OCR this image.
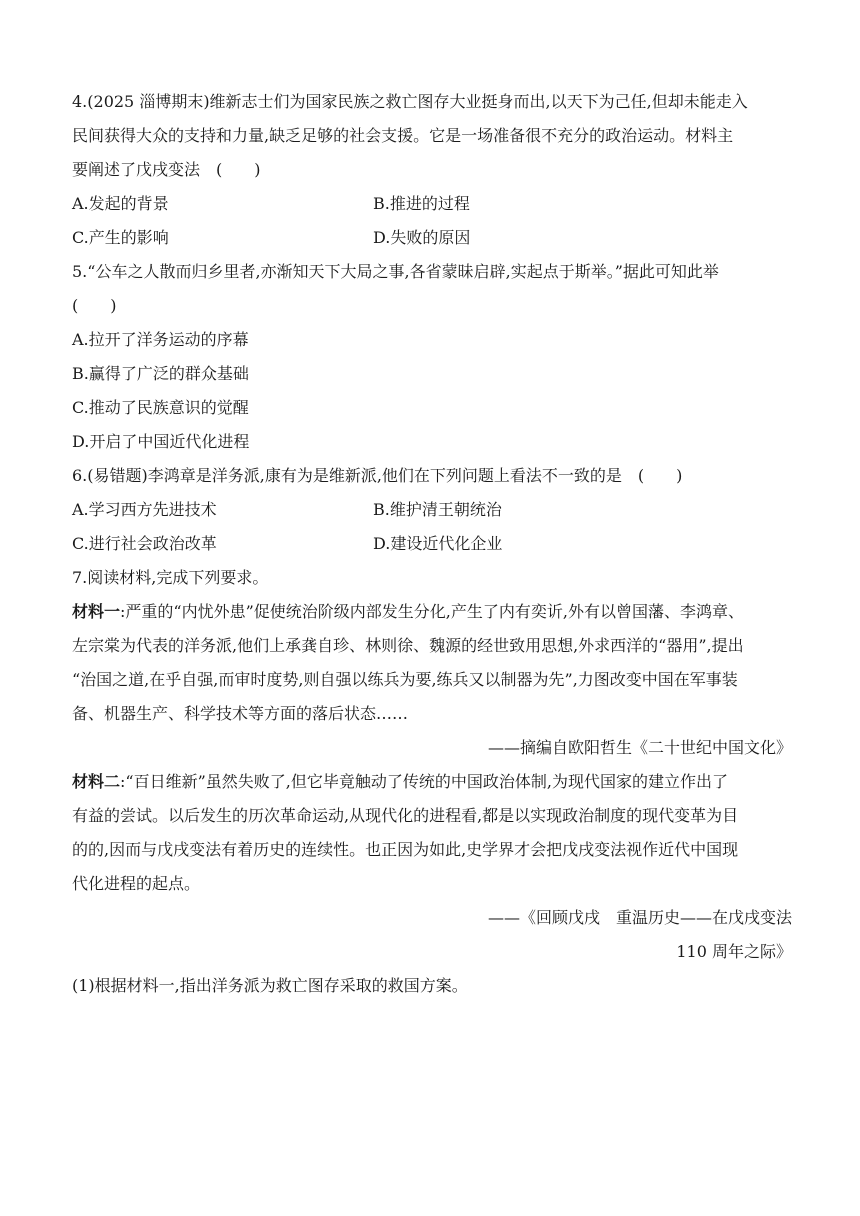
4.(2025 淄博期末)维新志士们为国家民族之救亡图存大业挺身而出,以天下为己任,但却未能走入
民间获得大众的支持和力量,缺乏足够的社会支援。它是一场准备很不充分的政治运动。材料主
要阐述了戊戌变法　(　　)
A.发起的背景	B.推进的过程
C.产生的影响	D.失败的原因
5.“公车之人散而归乡里者,亦渐知天下大局之事,各省蒙昧启辟,实起点于斯举。”据此可知此举
(　　)
A.拉开了洋务运动的序幕
B.赢得了广泛的群众基础
C.推动了民族意识的觉醒
D.开启了中国近代化进程
6.(易错题)李鸿章是洋务派,康有为是维新派,他们在下列问题上看法不一致的是　(　　)
A.学习西方先进技术	B.维护清王朝统治
C.进行社会政治改革	D.建设近代化企业
7.阅读材料,完成下列要求。
材料一:严重的“内忧外患”促使统治阶级内部发生分化,产生了内有奕䜣,外有以曾国藩、李鸿章、
左宗棠为代表的洋务派,他们上承龚自珍、林则徐、魏源的经世致用思想,外求西洋的“器用”,提出
“治国之道,在乎自强,而审时度势,则自强以练兵为要,练兵又以制器为先”,力图改变中国在军事装
备、机器生产、科学技术等方面的落后状态……
——摘编自欧阳哲生《二十世纪中国文化》
材料二:“百日维新”虽然失败了,但它毕竟触动了传统的中国政治体制,为现代国家的建立作出了
有益的尝试。以后发生的历次革命运动,从现代化的进程看,都是以实现政治制度的现代变革为目
的的,因而与戊戌变法有着历史的连续性。也正因为如此,史学界才会把戊戌变法视作近代中国现
代化进程的起点。
——《回顾戊戌　重温历史——在戊戌变法
110 周年之际》
(1)根据材料一,指出洋务派为救亡图存采取的救国方案。
